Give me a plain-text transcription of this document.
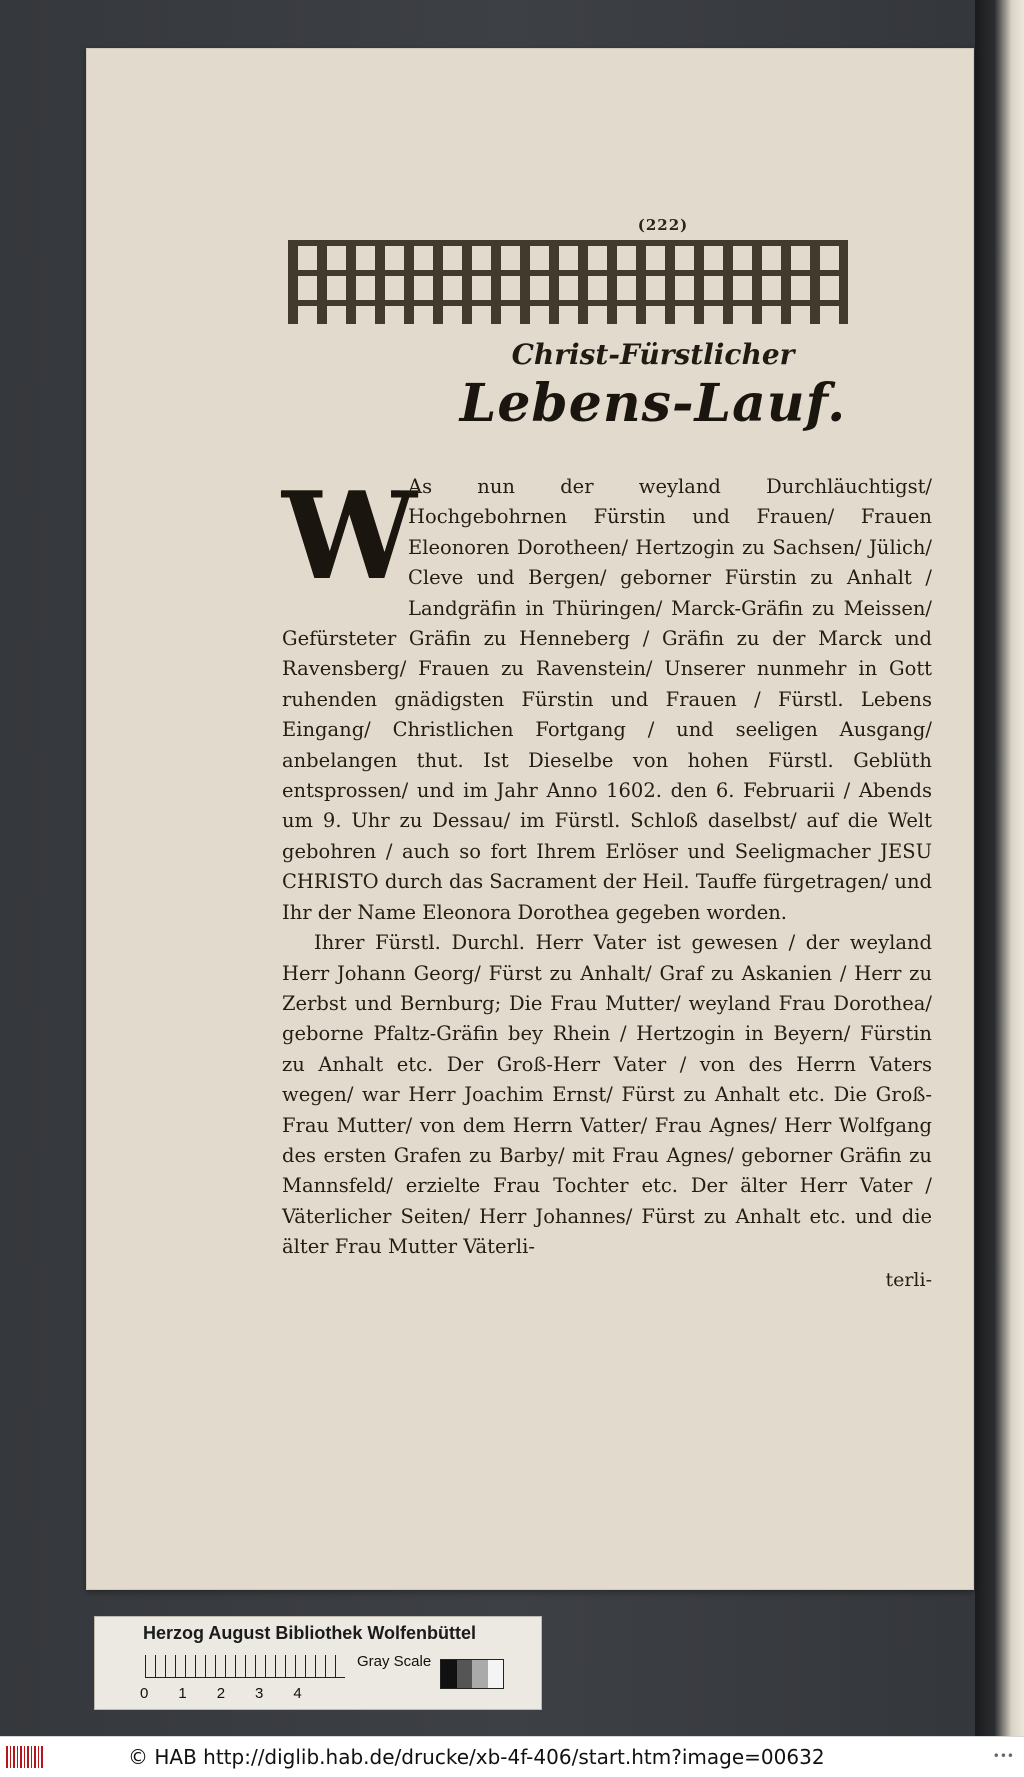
(222)
Christ-Fürstlicher
Lebens-Lauf.
W

As nun der weyland Durchläuchtigst/ Hochgebohrnen Fürstin und Frauen/ Frauen Eleonoren Dorotheen/ Hertzogin zu Sachsen/ Jülich/ Cleve und Bergen/ geborner Fürstin zu Anhalt / Landgräfin in Thüringen/ Marck-Gräfin zu Meissen/ Gefürsteter Gräfin zu Henneberg / Gräfin zu der Marck und Ravensberg/ Frauen zu Ravenstein/ Unserer nunmehr in Gott ruhenden gnädigsten Fürstin und Frauen / Fürstl. Lebens Eingang/ Christlichen Fortgang / und seeligen Ausgang/ anbelangen thut. Ist Dieselbe von hohen Fürstl. Geblüth entsprossen/ und im Jahr Anno 1602. den 6. Februarii / Abends um 9. Uhr zu Dessau/ im Fürstl. Schloß daselbst/ auf die Welt gebohren / auch so fort Ihrem Erlöser und Seeligmacher JESU CHRISTO durch das Sacrament der Heil. Tauffe fürgetragen/ und Ihr der Name Eleonora Dorothea gegeben worden.

Ihrer Fürstl. Durchl. Herr Vater ist gewesen / der weyland Herr Johann Georg/ Fürst zu Anhalt/ Graf zu Askanien / Herr zu Zerbst und Bernburg; Die Frau Mutter/ weyland Frau Dorothea/ geborne Pfaltz-Gräfin bey Rhein / Hertzogin in Beyern/ Fürstin zu Anhalt etc. Der Groß-Herr Vater / von des Herrn Vaters wegen/ war Herr Joachim Ernst/ Fürst zu Anhalt etc. Die Groß-Frau Mutter/ von dem Herrn Vatter/ Frau Agnes/ Herr Wolfgang des ersten Grafen zu Barby/ mit Frau Agnes/ geborner Gräfin zu Mannsfeld/ erzielte Frau Tochter etc. Der älter Herr Vater / Väterlicher Seiten/ Herr Johannes/ Fürst zu Anhalt etc. und die älter Frau Mutter Väterli-

terli-
Herzog August Bibliothek Wolfenbüttel
0 1 2 3 4
Gray Scale
© HAB http://diglib.hab.de/drucke/xb-4f-406/start.htm?image=00632	•••
